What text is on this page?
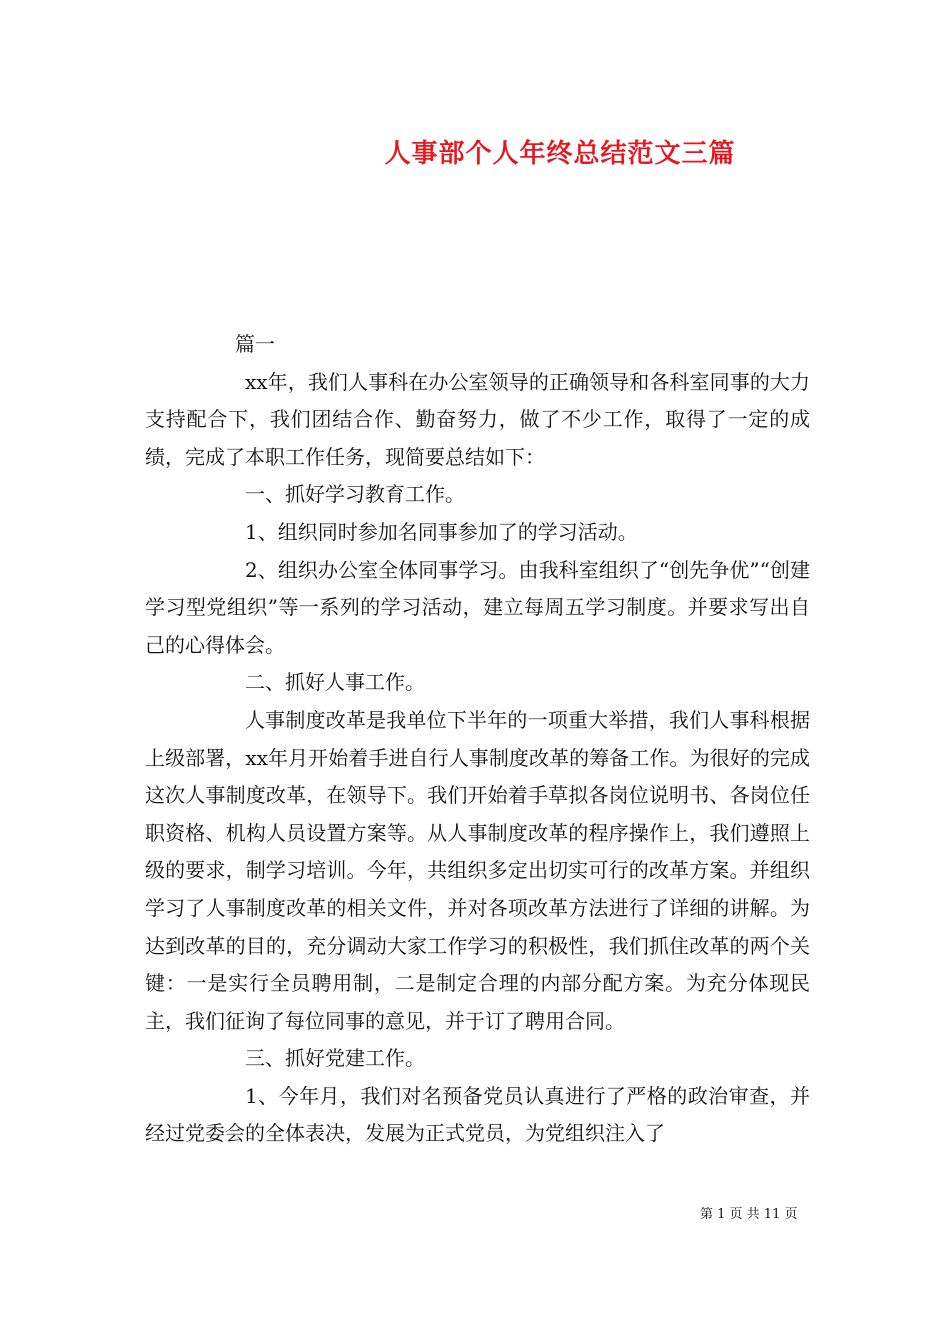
人事部个人年终总结范文三篇

篇一

xx年，我们人事科在办公室领导的正确领导和各科室同事的大力支持配合下，我们团结合作、勤奋努力，做了不少工作，取得了一定的成绩，完成了本职工作任务，现简要总结如下：

一、抓好学习教育工作。

1、组织同时参加名同事参加了的学习活动。

2、组织办公室全体同事学习。由我科室组织了“创先争优”“创建学习型党组织”等一系列的学习活动，建立每周五学习制度。并要求写出自己的心得体会。

二、抓好人事工作。

人事制度改革是我单位下半年的一项重大举措，我们人事科根据上级部署，xx年月开始着手进自行人事制度改革的筹备工作。为很好的完成这次人事制度改革，在领导下。我们开始着手草拟各岗位说明书、各岗位任职资格、机构人员设置方案等。从人事制度改革的程序操作上，我们遵照上级的要求，制学习培训。今年，共组织多定出切实可行的改革方案。并组织学习了人事制度改革的相关文件，并对各项改革方法进行了详细的讲解。为达到改革的目的，充分调动大家工作学习的积极性，我们抓住改革的两个关键：一是实行全员聘用制，二是制定合理的内部分配方案。为充分体现民主，我们征询了每位同事的意见，并于订了聘用合同。

三、抓好党建工作。

1、今年月，我们对名预备党员认真进行了严格的政治审查，并经过党委会的全体表决，发展为正式党员，为党组织注入了

第 1 页 共 11 页
